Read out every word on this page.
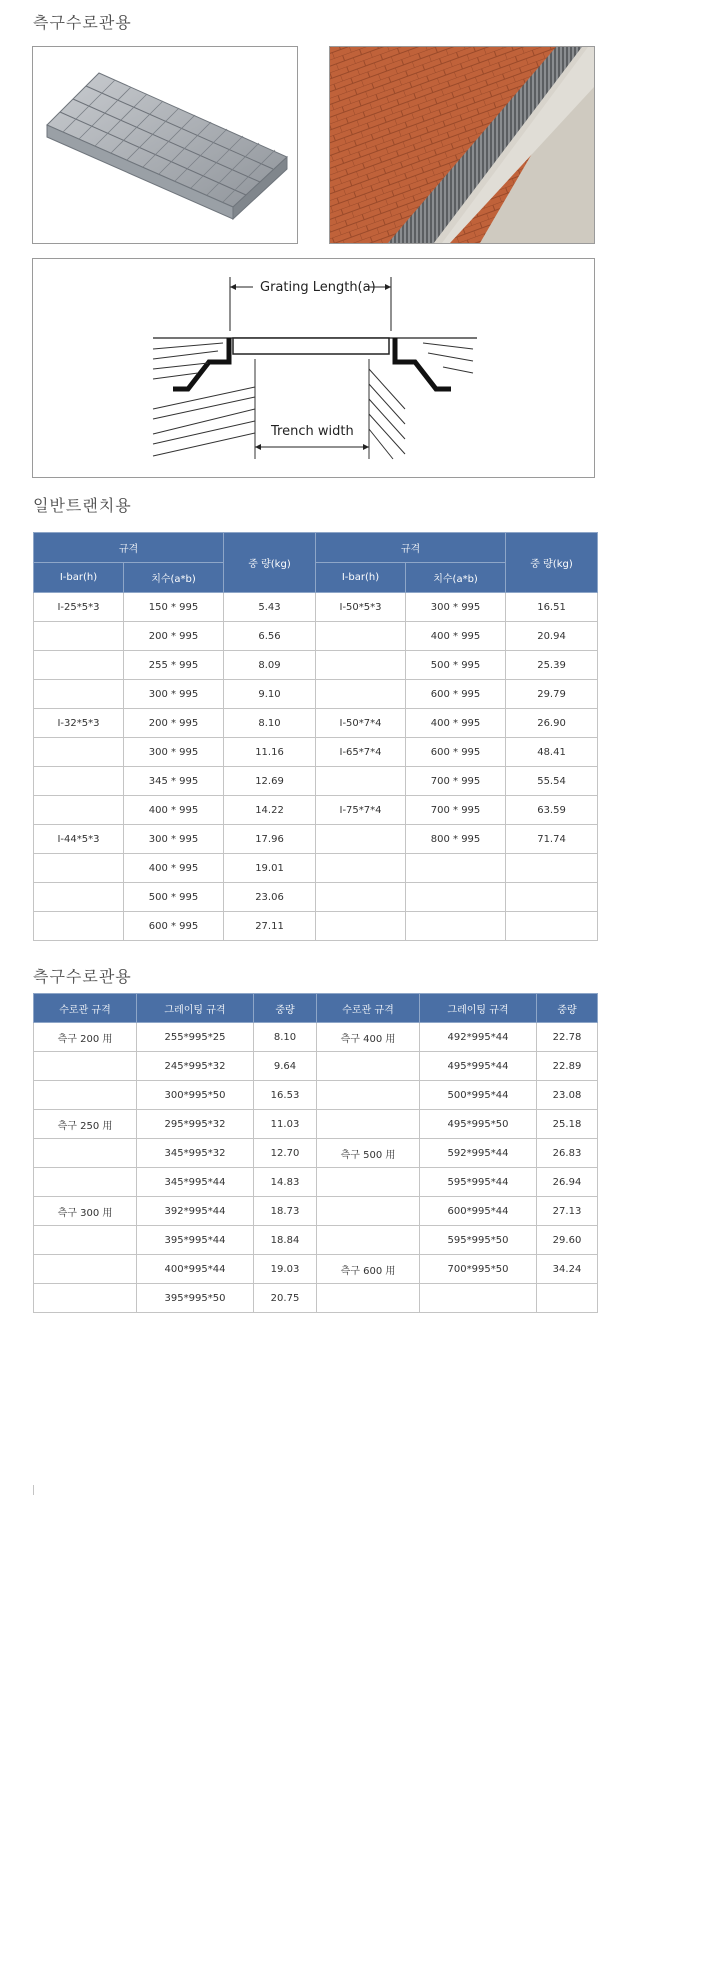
측구수로관용
Grating Length(a)
Trench width
일반트랜치용
규격		중 량(kg)	규격		중 량(kg)
I-bar(h)	치수(a*b)		I-bar(h)	치수(a*b)	
I-25*5*3	150 * 995	5.43	I-50*5*3	300 * 995	16.51
	200 * 995	6.56		400 * 995	20.94
	255 * 995	8.09		500 * 995	25.39
	300 * 995	9.10		600 * 995	29.79
I-32*5*3	200 * 995	8.10	I-50*7*4	400 * 995	26.90
	300 * 995	11.16	I-65*7*4	600 * 995	48.41
	345 * 995	12.69		700 * 995	55.54
	400 * 995	14.22	I-75*7*4	700 * 995	63.59
I-44*5*3	300 * 995	17.96		800 * 995	71.74
	400 * 995	19.01			
	500 * 995	23.06			
	600 * 995	27.11			
측구수로관용
수로관 규격	그레이팅 규격	중량	수로관 규격	그레이팅 규격	중량
측구 200 用	255*995*25	8.10	측구 400 用	492*995*44	22.78
	245*995*32	9.64		495*995*44	22.89
	300*995*50	16.53		500*995*44	23.08
측구 250 用	295*995*32	11.03		495*995*50	25.18
	345*995*32	12.70	측구 500 用	592*995*44	26.83
	345*995*44	14.83		595*995*44	26.94
측구 300 用	392*995*44	18.73		600*995*44	27.13
	395*995*44	18.84		595*995*50	29.60
	400*995*44	19.03	측구 600 用	700*995*50	34.24
	395*995*50	20.75			
